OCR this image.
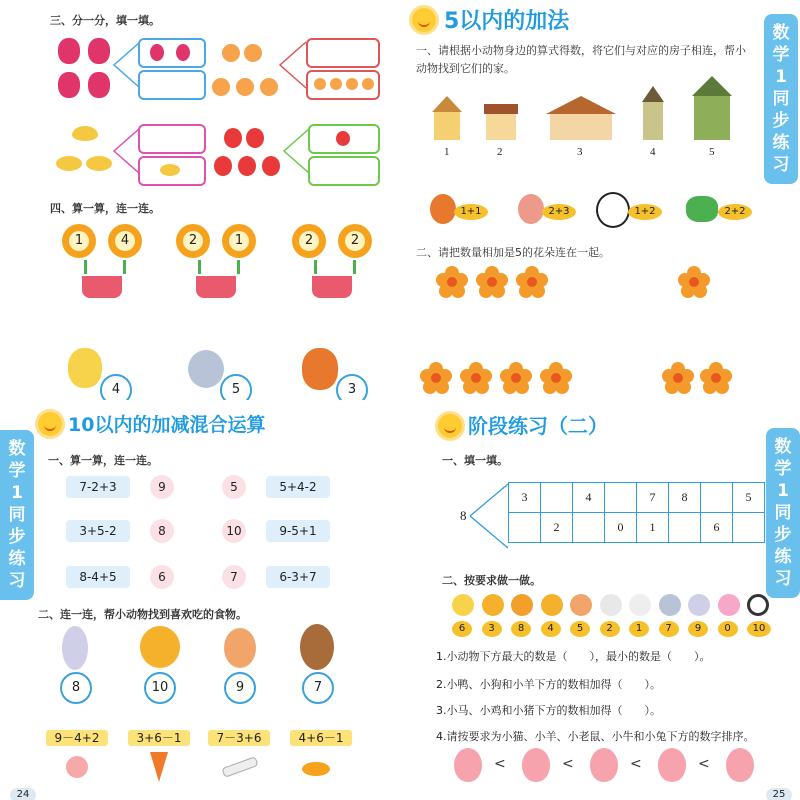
三、分一分，填一填。
四、算一算，连一连。
1	4	2	1	2	2
4	5	3
5以内的加法	数
学
1
同
步
练
习
一、请根据小动物身边的算式得数，将它们与对应的房子相连，帮小动物找到它们的家。
1	2	3	4	5
1+1	2+3	1+2	2+2
二、请把数量相加是5的花朵连在一起。
数
学
1
同
步
练
习
10以内的加减混合运算
一、算一算，连一连。
7-2+3	9	5	5+4-2
3+5-2	8	10	9-5+1
8-4+5	6	7	6-3+7
二、连一连，帮小动物找到喜欢吃的食物。
8	10	9	7
9－4+2	3+6－1	7－3+6	4+6－1
24
阶段练习（二）
数
学
1
同
步
练
习
一、填一填。
8
3		4		7	8		5
	2		0	1		6	
二、按要求做一做。
6	3	8	4	5	2	1	7	9	0	10
1.小动物下方最大的数是（　　），最小的数是（　　）。
2.小鸭、小狗和小羊下方的数相加得（　　）。
3.小马、小鸡和小猪下方的数相加得（　　）。
4.请按要求为小猫、小羊、小老鼠、小牛和小兔下方的数字排序。
<	<	<	<
25
